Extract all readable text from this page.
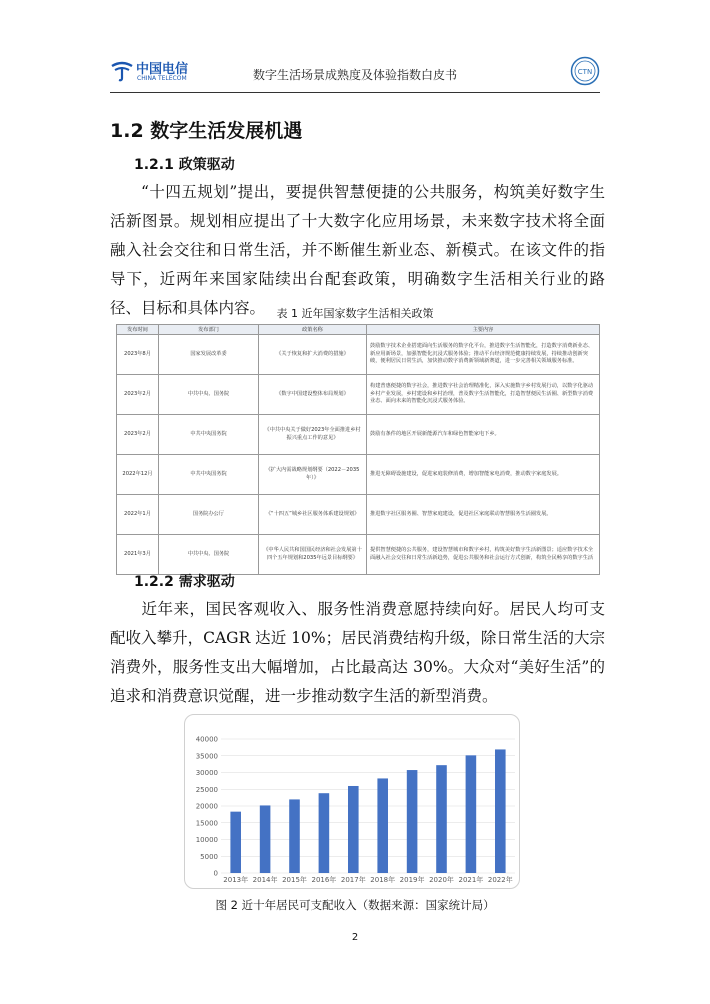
中国电信
CHINA TELECOM	数字生活场景成熟度及体验指数白皮书	CTN
1.2 数字生活发展机遇
1.2.1 政策驱动
“十四五规划”提出，要提供智慧便捷的公共服务，构筑美好数字生活新图景。规划相应提出了十大数字化应用场景，未来数字技术将全面融入社会交往和日常生活，并不断催生新业态、新模式。在该文件的指导下，近两年来国家陆续出台配套政策，明确数字生活相关行业的路径、目标和具体内容。	表 1 近年国家数字生活相关政策
发布时间	发布部门	政策名称	主要内容
2023年8月	国家发展改革委	《关于恢复和扩大消费的措施》	鼓励数字技术企业搭建面向生活服务的数字化平台，推进数字生活智能化，打造数字消费新业态、新应用新场景，加强智能化沉浸式服务体验；推动平台经济规范健康持续发展，持续推动创新突破，便利居民日常生活，加快推动数字消费新领域新赛道，进一步完善相关领域服务标准。
2023年2月	中共中央、国务院	《数字中国建设整体布局规划》	构建普惠便捷的数字社会，推进数字社会治理精准化，深入实施数字乡村发展行动，以数字化驱动乡村产业发展，乡村建设和乡村治理，普及数字生活智能化，打造智慧便民生活圈、新型数字消费业态、面向未来的智能化沉浸式服务体验。
2023年2月	中共中央国务院	《中共中央关于做好2023年全面推进乡村振兴重点工作的意见》	鼓励有条件的地区开展新能源汽车和绿色智能家电下乡。
2022年12月	中共中央国务院	《扩大内需战略规划纲要（2022－2035年）》	推进无障碍设施建设，促进家庭装修消费，增加智能家电消费，推动数字家庭发展。
2022年1月	国务院办公厅	《“十四五”城乡社区服务体系建设规划》	推进数字社区服务圈、智慧家庭建设，促进社区家庭联动智慧服务生活圈发展。
2021年3月	中共中央、国务院	《中华人民共和国国民经济和社会发展第十四个五年规划和2035年远景目标纲要》	提供智慧便捷的公共服务，建设智慧城市和数字乡村，构筑美好数字生活新图景；适应数字技术全面融入社会交往和日常生活新趋势，促进公共服务和社会运行方式创新，构筑全民畅享的数字生活
1.2.2 需求驱动
近年来，国民客观收入、服务性消费意愿持续向好。居民人均可支配收入攀升，CAGR 达近 10%；居民消费结构升级，除日常生活的大宗消费外，服务性支出大幅增加，占比最高达 30%。大众对“美好生活”的追求和消费意识觉醒，进一步推动数字生活的新型消费。
0
5000
10000
15000
20000
25000
30000
35000
40000
2013年 2014年 2015年 2016年 2017年 2018年 2019年 2020年 2021年 2022年
图 2 近十年居民可支配收入（数据来源：国家统计局）
2
